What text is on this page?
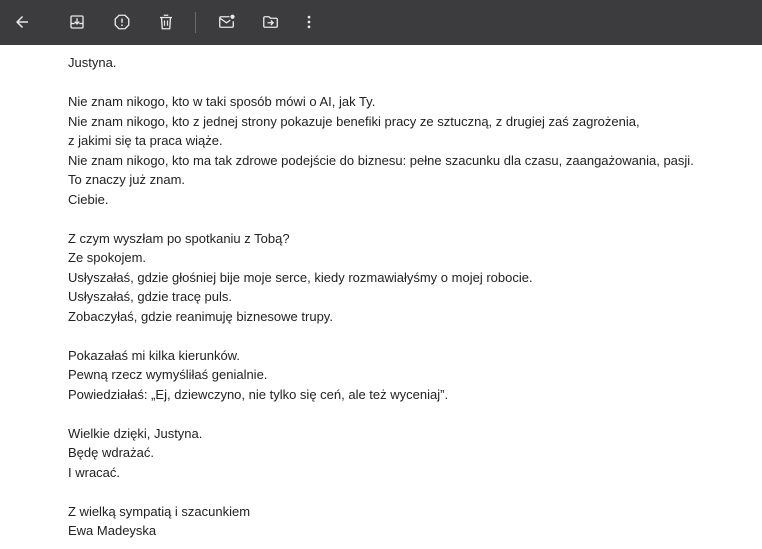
Justyna.
Nie znam nikogo, kto w taki sposób mówi o AI, jak Ty.
Nie znam nikogo, kto z jednej strony pokazuje benefiki pracy ze sztuczną, z drugiej zaś zagrożenia,
z jakimi się ta praca wiąże.
Nie znam nikogo, kto ma tak zdrowe podejście do biznesu: pełne szacunku dla czasu, zaangażowania, pasji.
To znaczy już znam.
Ciebie.
Z czym wyszłam po spotkaniu z Tobą?
Ze spokojem.
Usłyszałaś, gdzie głośniej bije moje serce, kiedy rozmawiałyśmy o mojej robocie.
Usłyszałaś, gdzie tracę puls.
Zobaczyłaś, gdzie reanimuję biznesowe trupy.
Pokazałaś mi kilka kierunków.
Pewną rzecz wymyśliłaś genialnie.
Powiedziałaś: „Ej, dziewczyno, nie tylko się ceń, ale też wyceniaj”.
Wielkie dzięki, Justyna.
Będę wdrażać.
I wracać.
Z wielką sympatią i szacunkiem
Ewa Madeyska
